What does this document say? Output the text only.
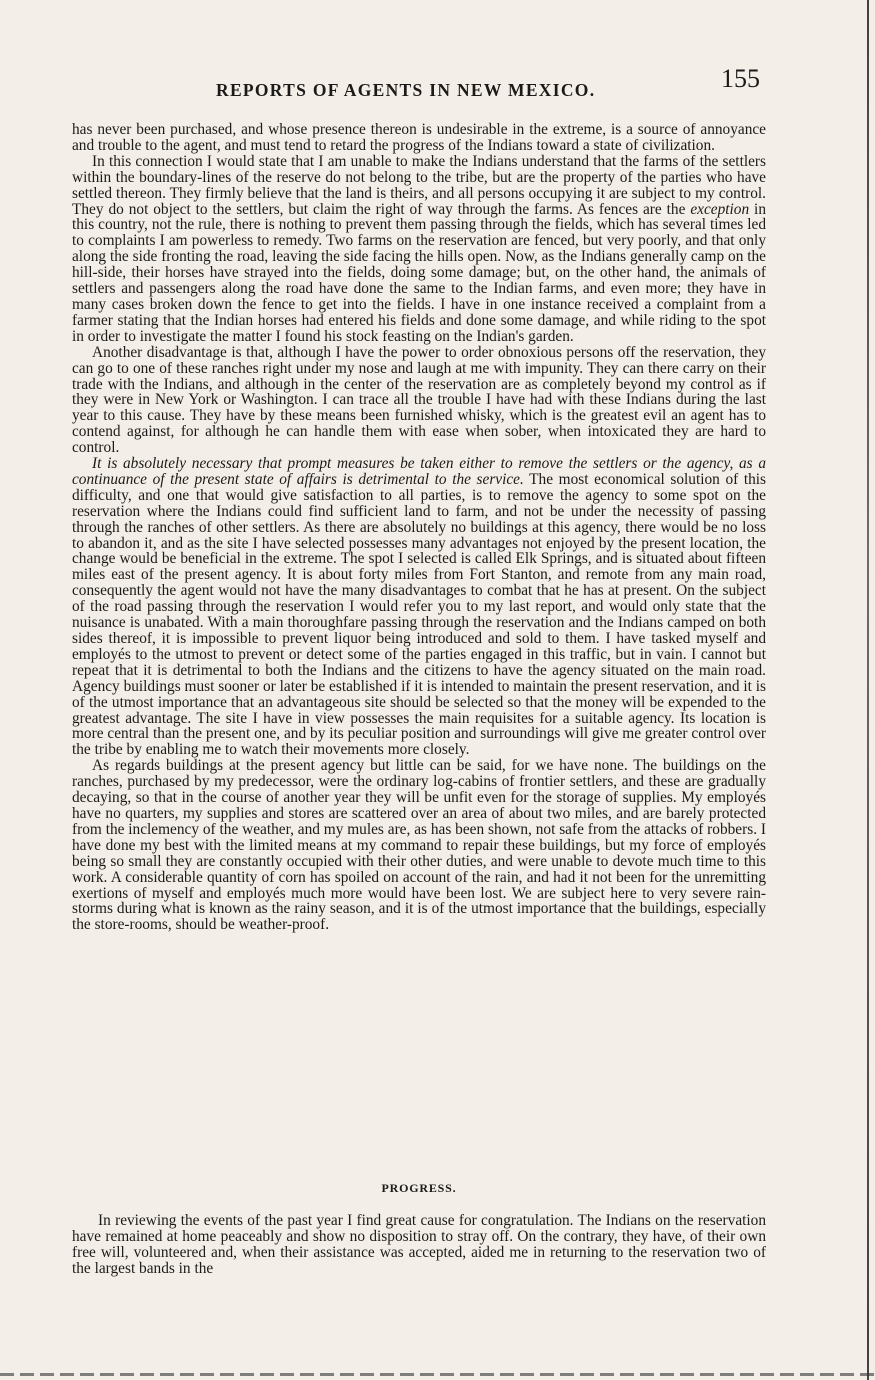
REPORTS OF AGENTS IN NEW MEXICO.	155

has never been purchased, and whose presence thereon is undesirable in the extreme, is a source of annoyance and trouble to the agent, and must tend to retard the progress of the Indians toward a state of civilization.

In this connection I would state that I am unable to make the Indians understand that the farms of the settlers within the boundary-lines of the reserve do not belong to the tribe, but are the property of the parties who have settled thereon. They firmly believe that the land is theirs, and all persons occupying it are subject to my control. They do not object to the settlers, but claim the right of way through the farms. As fences are the exception in this country, not the rule, there is nothing to prevent them passing through the fields, which has several times led to complaints I am powerless to remedy. Two farms on the reservation are fenced, but very poorly, and that only along the side fronting the road, leaving the side facing the hills open. Now, as the Indians generally camp on the hill-side, their horses have strayed into the fields, doing some damage; but, on the other hand, the animals of settlers and passengers along the road have done the same to the Indian farms, and even more; they have in many cases broken down the fence to get into the fields. I have in one instance received a complaint from a farmer stating that the Indian horses had entered his fields and done some damage, and while riding to the spot in order to investigate the matter I found his stock feasting on the Indian's garden.

Another disadvantage is that, although I have the power to order obnoxious persons off the reservation, they can go to one of these ranches right under my nose and laugh at me with impunity. They can there carry on their trade with the Indians, and although in the center of the reservation are as completely beyond my control as if they were in New York or Washington. I can trace all the trouble I have had with these Indians during the last year to this cause. They have by these means been furnished whisky, which is the greatest evil an agent has to contend against, for although he can handle them with ease when sober, when intoxicated they are hard to control.

It is absolutely necessary that prompt measures be taken either to remove the settlers or the agency, as a continuance of the present state of affairs is detrimental to the service. The most economical solution of this difficulty, and one that would give satisfaction to all parties, is to remove the agency to some spot on the reservation where the Indians could find sufficient land to farm, and not be under the necessity of passing through the ranches of other settlers. As there are absolutely no buildings at this agency, there would be no loss to abandon it, and as the site I have selected possesses many advantages not enjoyed by the present location, the change would be beneficial in the extreme. The spot I selected is called Elk Springs, and is situated about fifteen miles east of the present agency. It is about forty miles from Fort Stanton, and remote from any main road, consequently the agent would not have the many disadvantages to combat that he has at present. On the subject of the road passing through the reservation I would refer you to my last report, and would only state that the nuisance is unabated. With a main thoroughfare passing through the reservation and the Indians camped on both sides thereof, it is impossible to prevent liquor being introduced and sold to them. I have tasked myself and employés to the utmost to prevent or detect some of the parties engaged in this traffic, but in vain. I cannot but repeat that it is detrimental to both the Indians and the citizens to have the agency situated on the main road. Agency buildings must sooner or later be established if it is intended to maintain the present reservation, and it is of the utmost importance that an advantageous site should be selected so that the money will be expended to the greatest advantage. The site I have in view possesses the main requisites for a suitable agency. Its location is more central than the present one, and by its peculiar position and surroundings will give me greater control over the tribe by enabling me to watch their movements more closely.

As regards buildings at the present agency but little can be said, for we have none. The buildings on the ranches, purchased by my predecessor, were the ordinary log-cabins of frontier settlers, and these are gradually decaying, so that in the course of another year they will be unfit even for the storage of supplies. My employés have no quarters, my supplies and stores are scattered over an area of about two miles, and are barely protected from the inclemency of the weather, and my mules are, as has been shown, not safe from the attacks of robbers. I have done my best with the limited means at my command to repair these buildings, but my force of employés being so small they are constantly occupied with their other duties, and were unable to devote much time to this work. A considerable quantity of corn has spoiled on account of the rain, and had it not been for the unremitting exertions of myself and employés much more would have been lost. We are subject here to very severe rain-storms during what is known as the rainy season, and it is of the utmost importance that the buildings, especially the store-rooms, should be weather-proof.

PROGRESS.

In reviewing the events of the past year I find great cause for congratulation. The Indians on the reservation have remained at home peaceably and show no disposition to stray off. On the contrary, they have, of their own free will, volunteered and, when their assistance was accepted, aided me in returning to the reservation two of the largest bands in the
